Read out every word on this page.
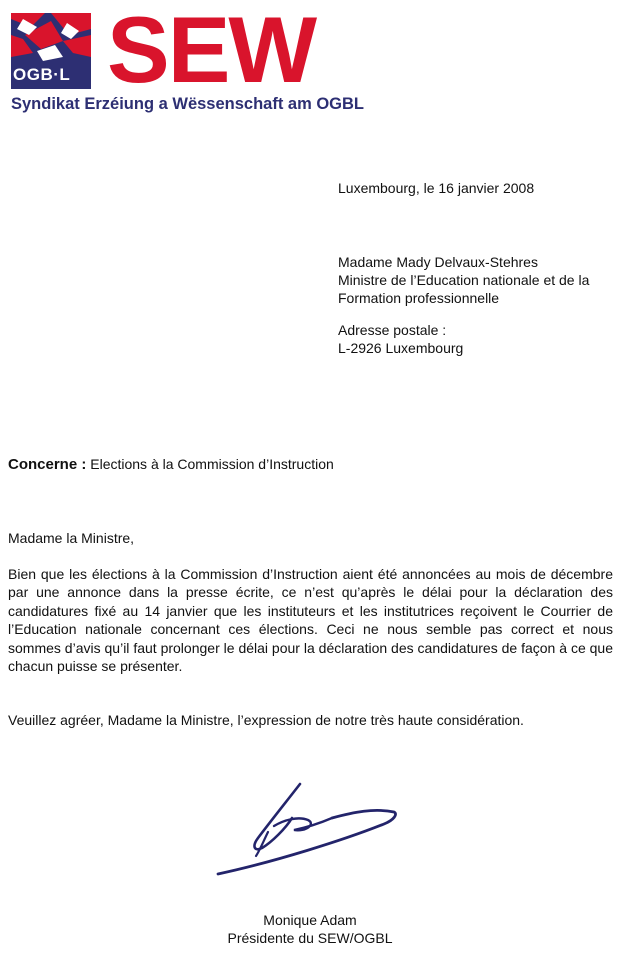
OGB·L SEW
Syndikat Erzéiung a Wëssenschaft am OGBL
Luxembourg, le 16 janvier 2008
Madame Mady Delvaux-Stehres
Ministre de l’Education nationale et de la
Formation professionnelle
Adresse postale :
L-2926 Luxembourg
Concerne : Elections à la Commission d’Instruction
Madame la Ministre,
Bien que les élections à la Commission d’Instruction aient été annoncées au mois de décembre par une annonce dans la presse écrite, ce n’est qu’après le délai pour la déclaration des candidatures fixé au 14 janvier que les instituteurs et les institutrices reçoivent le Courrier de l’Education nationale concernant ces élections. Ceci ne nous semble pas correct et nous sommes d’avis qu’il faut prolonger le délai pour la déclaration des candidatures de façon à ce que chacun puisse se présenter.
Veuillez agréer, Madame la Ministre, l’expression de notre très haute considération.
Monique Adam
Présidente du SEW/OGBL
